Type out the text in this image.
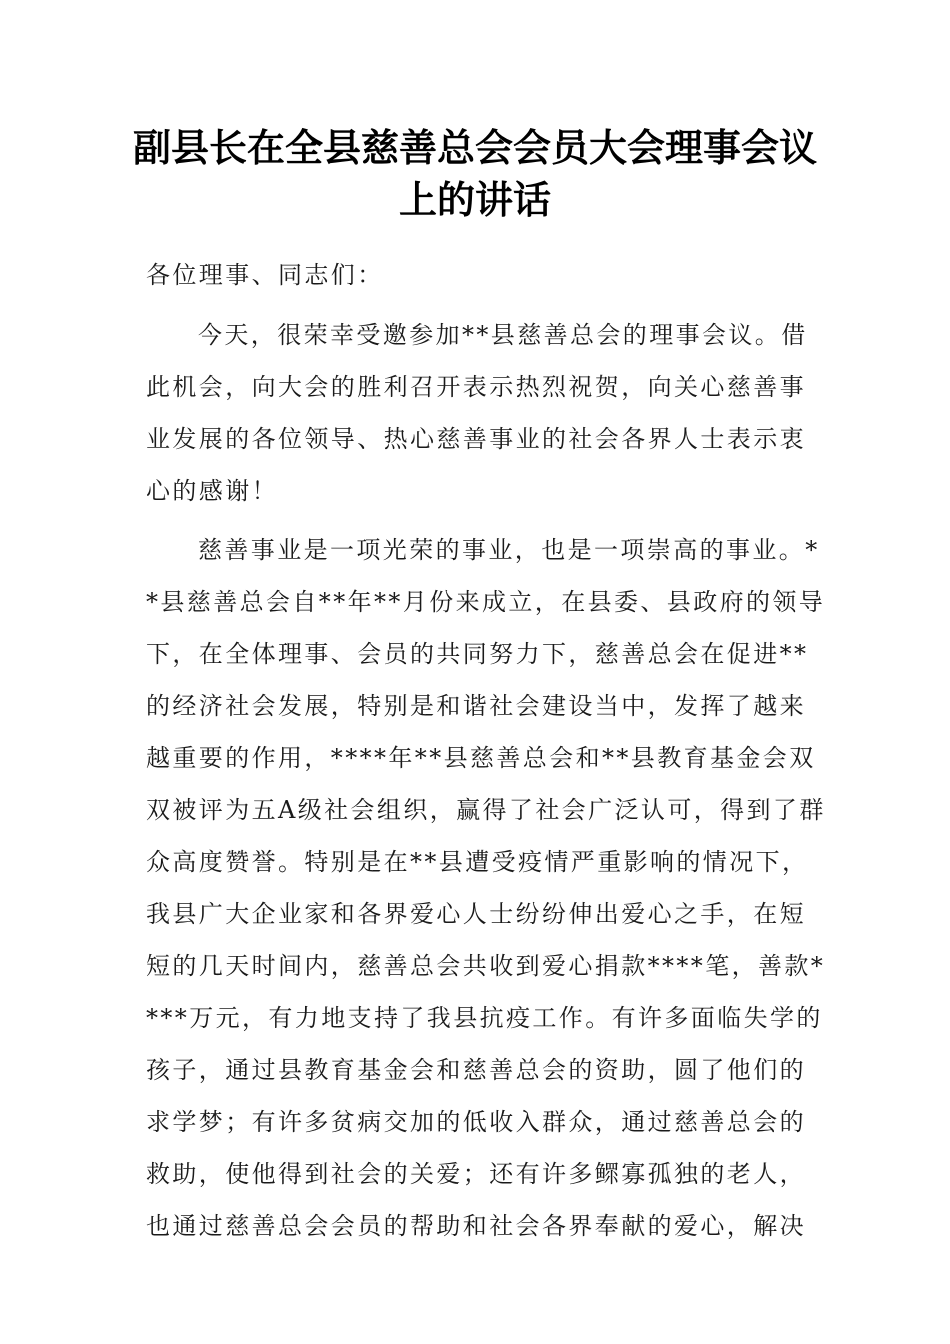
副县长在全县慈善总会会员大会理事会议
上的讲话
各位理事、同志们：
今天，很荣幸受邀参加**县慈善总会的理事会议。借
此机会，向大会的胜利召开表示热烈祝贺，向关心慈善事
业发展的各位领导、热心慈善事业的社会各界人士表示衷
心的感谢！
慈善事业是一项光荣的事业，也是一项崇高的事业。*
*县慈善总会自**年**月份来成立，在县委、县政府的领导
下，在全体理事、会员的共同努力下，慈善总会在促进**
的经济社会发展，特别是和谐社会建设当中，发挥了越来
越重要的作用，****年**县慈善总会和**县教育基金会双
双被评为五A级社会组织，赢得了社会广泛认可，得到了群
众高度赞誉。特别是在**县遭受疫情严重影响的情况下，
我县广大企业家和各界爱心人士纷纷伸出爱心之手，在短
短的几天时间内，慈善总会共收到爱心捐款****笔，善款*
***万元，有力地支持了我县抗疫工作。有许多面临失学的
孩子，通过县教育基金会和慈善总会的资助，圆了他们的
求学梦；有许多贫病交加的低收入群众，通过慈善总会的
救助，使他得到社会的关爱；还有许多鳏寡孤独的老人，
也通过慈善总会会员的帮助和社会各界奉献的爱心，解决
